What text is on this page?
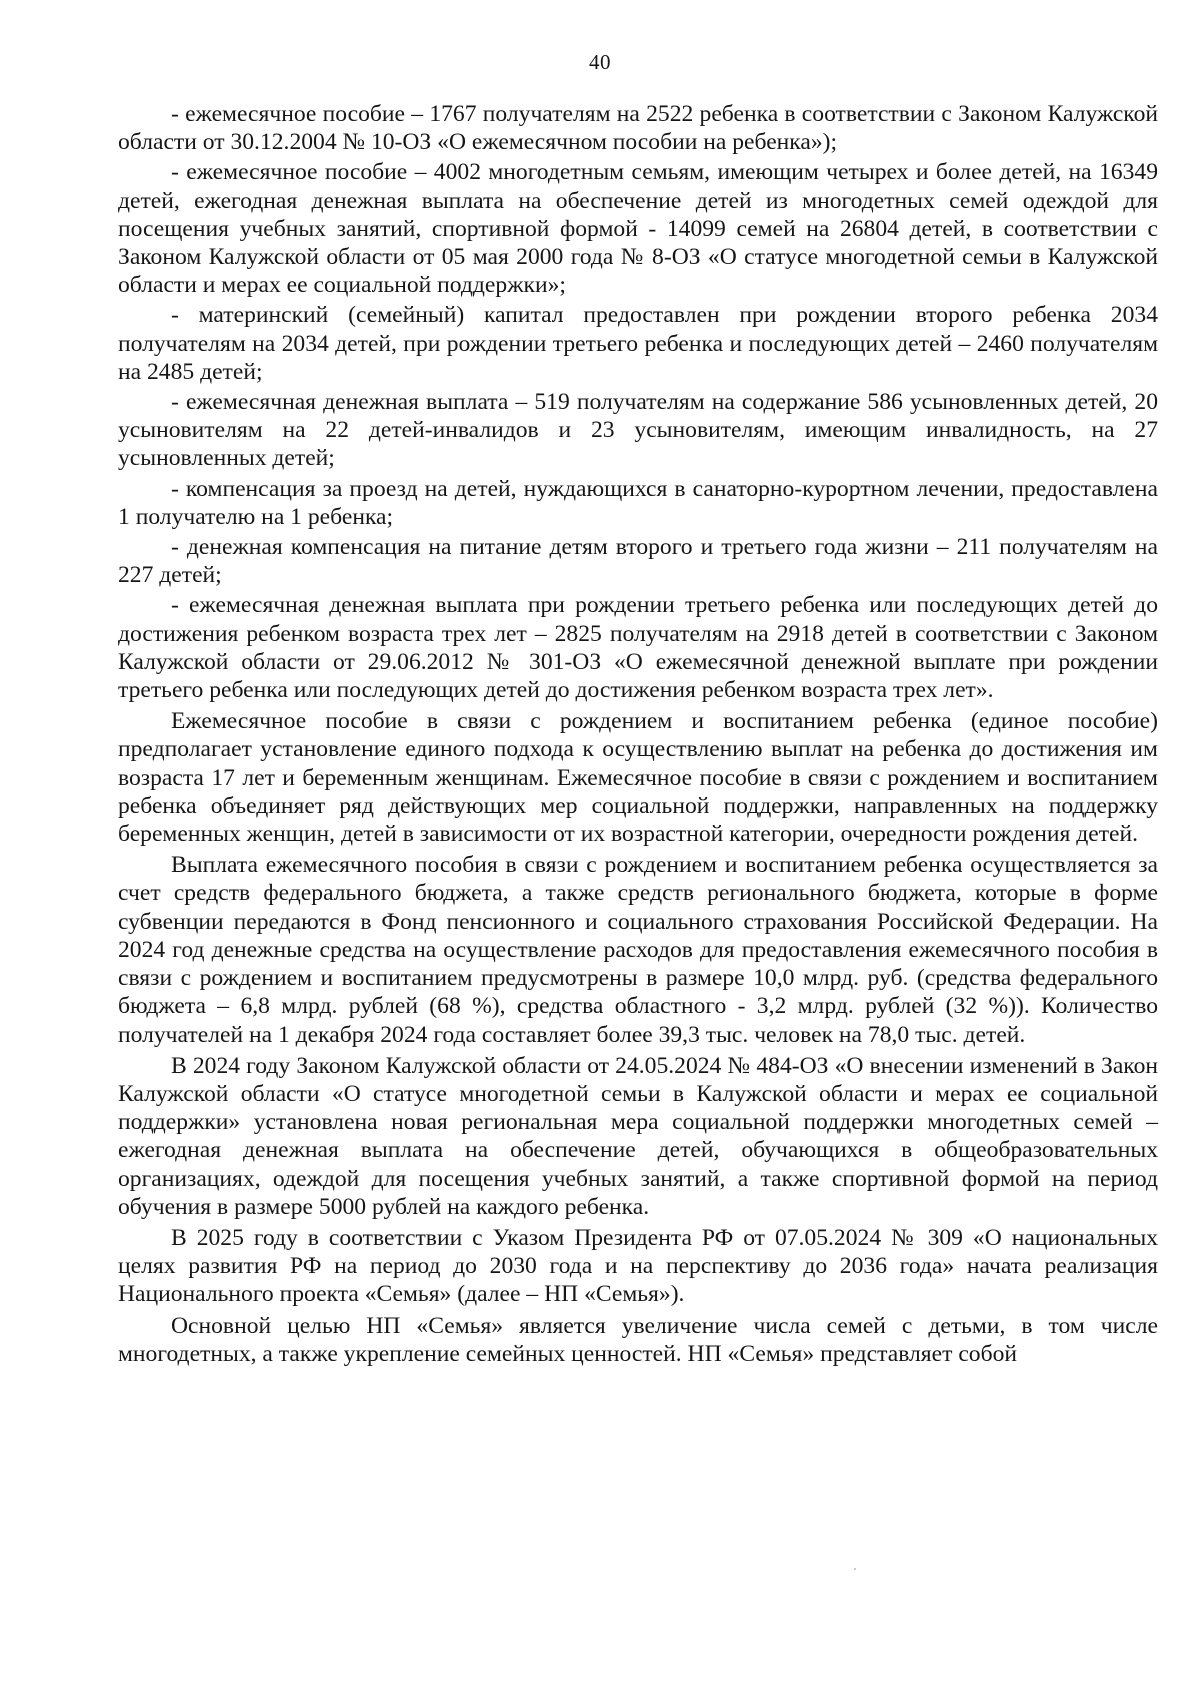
40

- ежемесячное пособие – 1767 получателям на 2522 ребенка в соответствии с Законом Калужской области от 30.12.2004 № 10-ОЗ «О ежемесячном пособии на ребенка»);

- ежемесячное пособие – 4002 многодетным семьям, имеющим четырех и более детей, на 16349 детей, ежегодная денежная выплата на обеспечение детей из многодетных семей одеждой для посещения учебных занятий, спортивной формой - 14099 семей на 26804 детей, в соответствии с Законом Калужской области от 05 мая 2000 года № 8-ОЗ «О статусе многодетной семьи в Калужской области и мерах ее социальной поддержки»;

- материнский (семейный) капитал предоставлен при рождении второго ребенка 2034 получателям на 2034 детей, при рождении третьего ребенка и последующих детей – 2460 получателям на 2485 детей;

- ежемесячная денежная выплата – 519 получателям на содержание 586 усыновленных детей, 20 усыновителям на 22 детей-инвалидов и 23 усыновителям, имеющим инвалидность, на 27 усыновленных детей;

- компенсация за проезд на детей, нуждающихся в санаторно-курортном лечении, предоставлена 1 получателю на 1 ребенка;

- денежная компенсация на питание детям второго и третьего года жизни – 211 получателям на 227 детей;

- ежемесячная денежная выплата при рождении третьего ребенка или последующих детей до достижения ребенком возраста трех лет – 2825 получателям на 2918 детей в соответствии с Законом Калужской области от 29.06.2012 № 301-ОЗ «О ежемесячной денежной выплате при рождении третьего ребенка или последующих детей до достижения ребенком возраста трех лет».

Ежемесячное пособие в связи с рождением и воспитанием ребенка (единое пособие) предполагает установление единого подхода к осуществлению выплат на ребенка до достижения им возраста 17 лет и беременным женщинам. Ежемесячное пособие в связи с рождением и воспитанием ребенка объединяет ряд действующих мер социальной поддержки, направленных на поддержку беременных женщин, детей в зависимости от их возрастной категории, очередности рождения детей.

Выплата ежемесячного пособия в связи с рождением и воспитанием ребенка осуществляется за счет средств федерального бюджета, а также средств регионального бюджета, которые в форме субвенции передаются в Фонд пенсионного и социального страхования Российской Федерации. На 2024 год денежные средства на осуществление расходов для предоставления ежемесячного пособия в связи с рождением и воспитанием предусмотрены в размере 10,0 млрд. руб. (средства федерального бюджета – 6,8 млрд. рублей (68 %), средства областного - 3,2 млрд. рублей (32 %)). Количество получателей на 1 декабря 2024 года составляет более 39,3 тыс. человек на 78,0 тыс. детей.

В 2024 году Законом Калужской области от 24.05.2024 № 484-ОЗ «О внесении изменений в Закон Калужской области «О статусе многодетной семьи в Калужской области и мерах ее социальной поддержки» установлена новая региональная мера социальной поддержки многодетных семей – ежегодная денежная выплата на обеспечение детей, обучающихся в общеобразовательных организациях, одеждой для посещения учебных занятий, а также спортивной формой на период обучения в размере 5000 рублей на каждого ребенка.

В 2025 году в соответствии с Указом Президента РФ от 07.05.2024 № 309 «О национальных целях развития РФ на период до 2030 года и на перспективу до 2036 года» начата реализация Национального проекта «Семья» (далее – НП «Семья»).

Основной целью НП «Семья» является увеличение числа семей с детьми, в том числе многодетных, а также укрепление семейных ценностей. НП «Семья» представляет собой
